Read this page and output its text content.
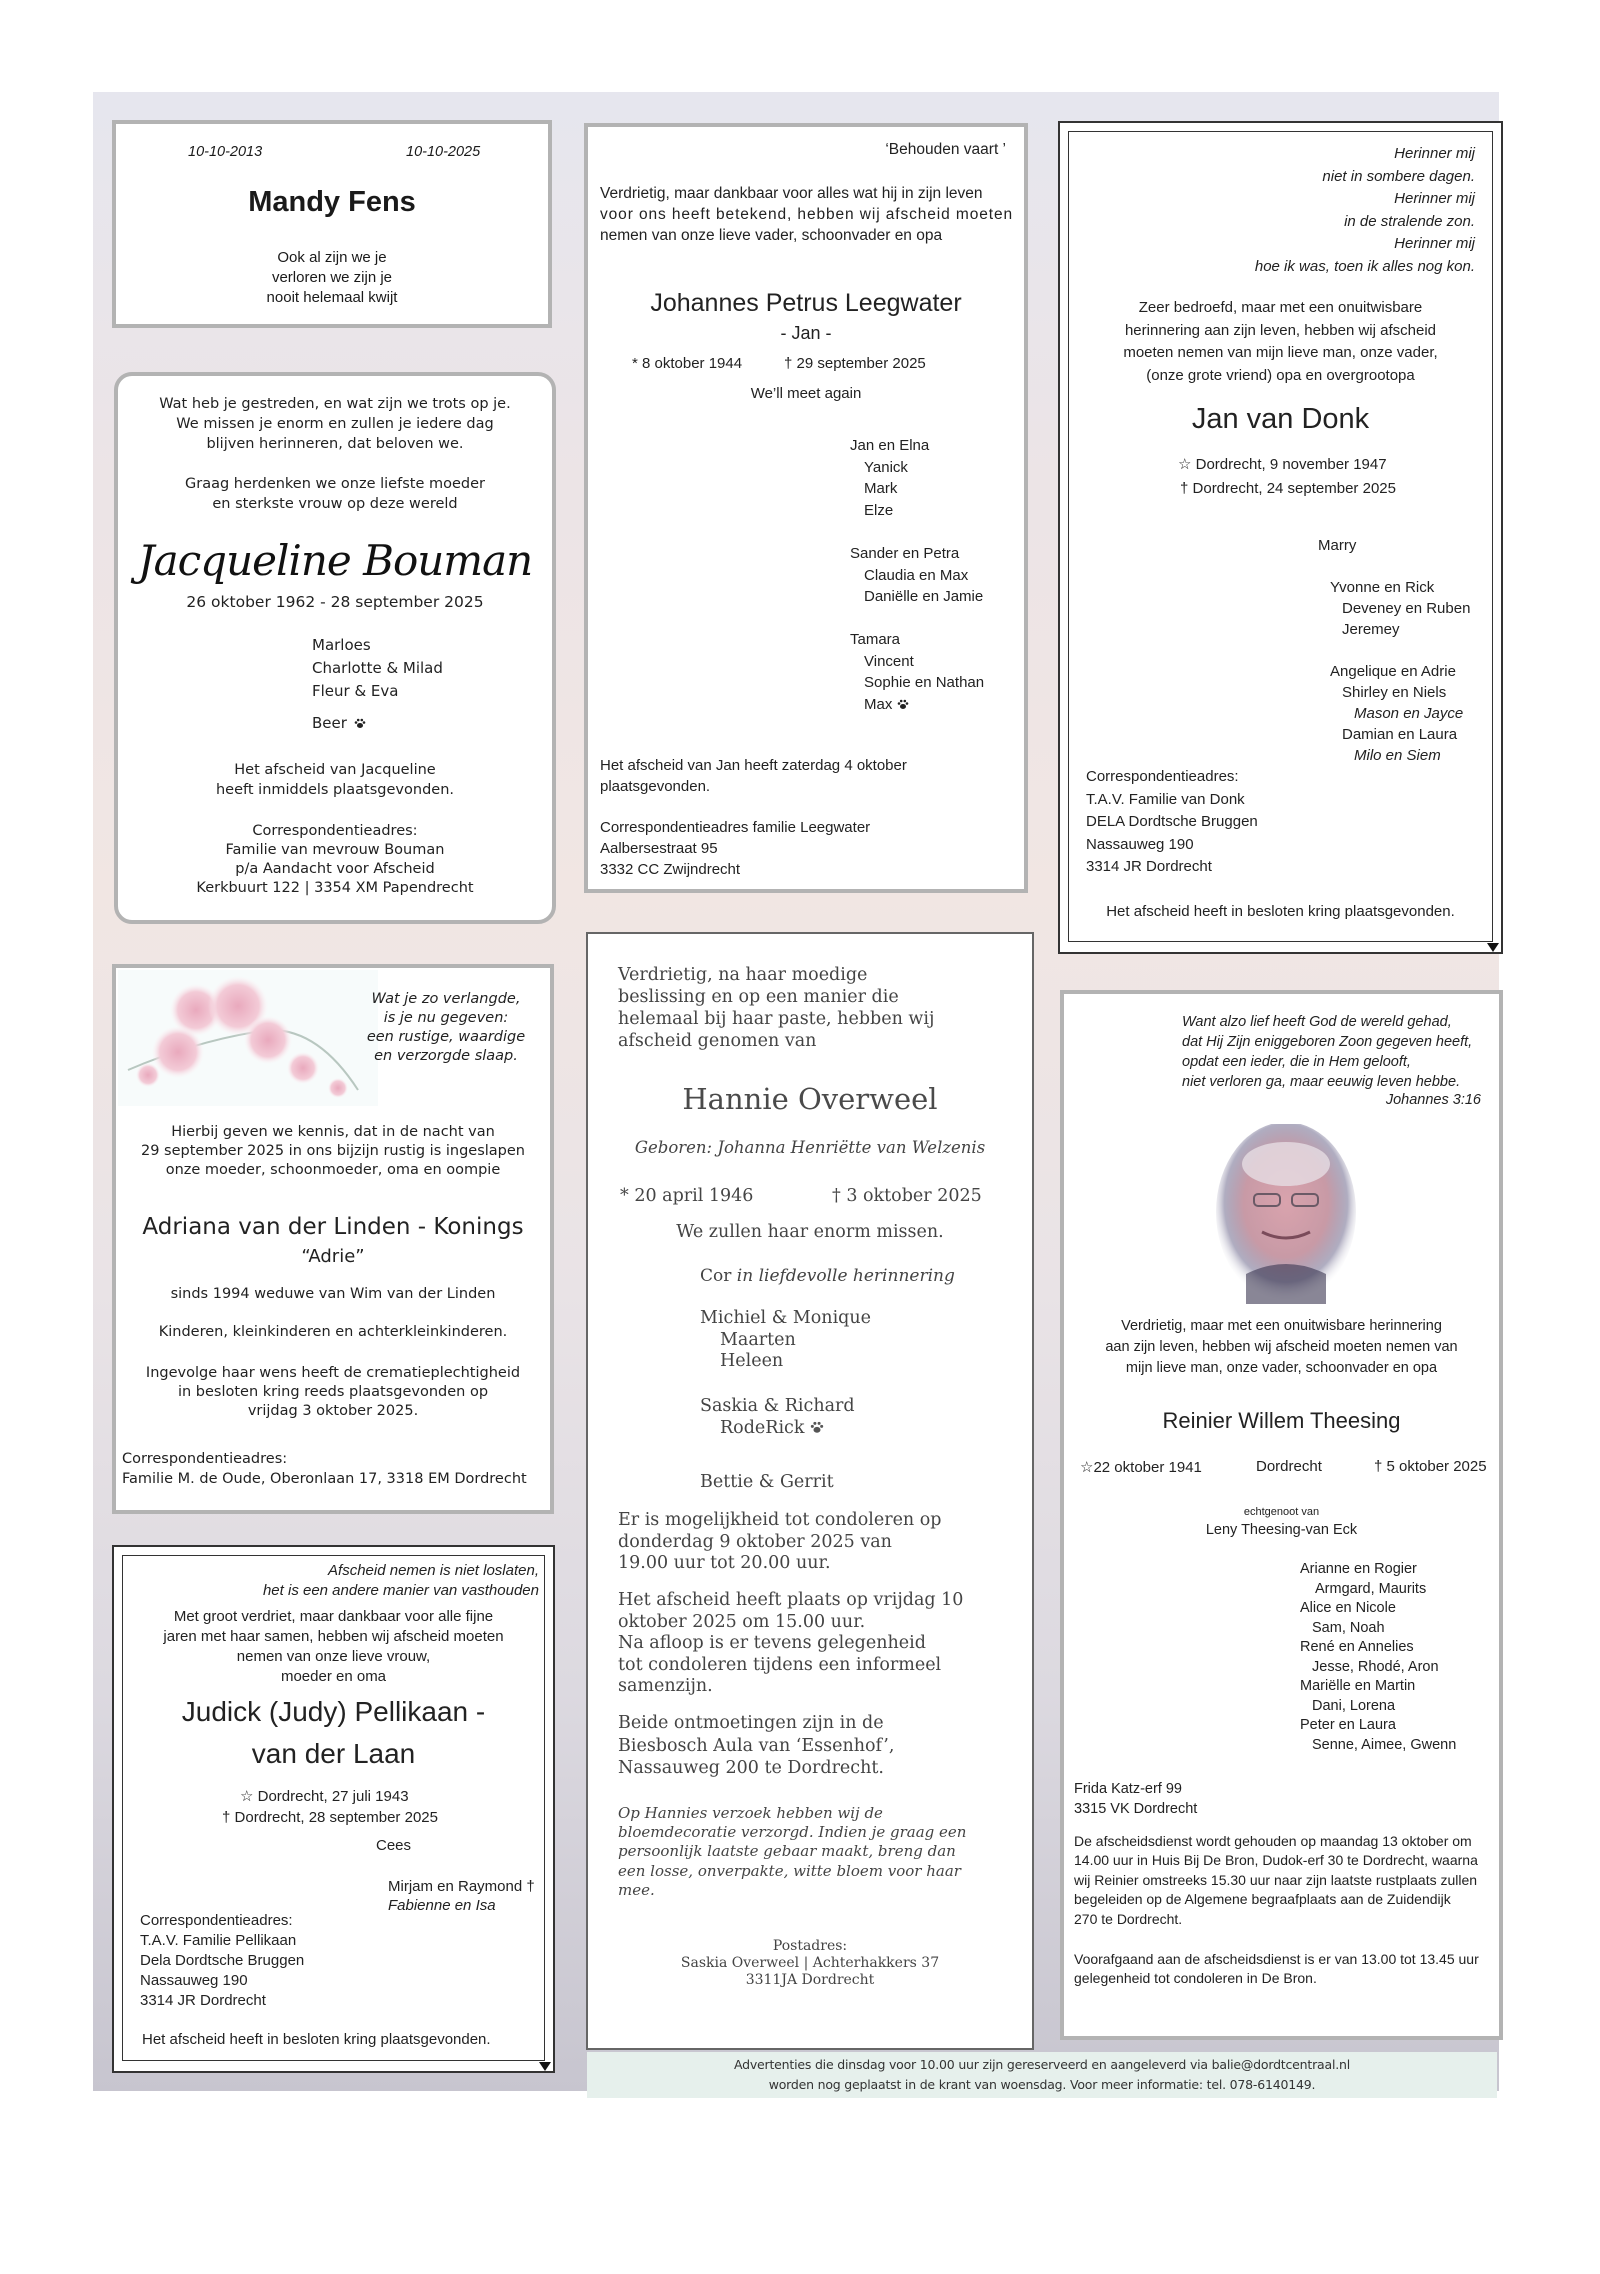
10-10-2013	10-10-2025
Mandy Fens
Ook al zijn we je
verloren we zijn je
nooit helemaal kwijt
Wat heb je gestreden, en wat zijn we trots op je.
We missen je enorm en zullen je iedere dag
blijven herinneren, dat beloven we.
Graag herdenken we onze liefste moeder
en sterkste vrouw op deze wereld
Jacqueline Bouman
26 oktober 1962 - 28 september 2025
Marloes
Charlotte & Milad
Fleur & Eva
Beer
Het afscheid van Jacqueline
heeft inmiddels plaatsgevonden.
Correspondentieadres:
Familie van mevrouw Bouman
p/a Aandacht voor Afscheid
Kerkbuurt 122 | 3354 XM Papendrecht
‘Behouden vaart ’
Verdrietig, maar dankbaar voor alles wat hij in zijn leven
voor ons heeft betekend, hebben wij afscheid moeten
nemen van onze lieve vader, schoonvader en opa
Johannes Petrus Leegwater
- Jan -
* 8 oktober 1944	† 29 september 2025
We’ll meet again
Jan en Elna
Yanick
Mark
Elze
Sander en Petra
Claudia en Max
Daniëlle en Jamie
Tamara
Vincent
Sophie en Nathan
Max
Het afscheid van Jan heeft zaterdag 4 oktober
plaatsgevonden.
Correspondentieadres familie Leegwater
Aalbersestraat 95
3332 CC Zwijndrecht
Herinner mij
niet in sombere dagen.
Herinner mij
in de stralende zon.
Herinner mij
hoe ik was, toen ik alles nog kon.
Zeer bedroefd, maar met een onuitwisbare
herinnering aan zijn leven, hebben wij afscheid
moeten nemen van mijn lieve man, onze vader,
(onze grote vriend) opa en overgrootopa
Jan van Donk
☆ Dordrecht, 9 november 1947
† Dordrecht, 24 september 2025
Marry
Yvonne en Rick
Deveney en Ruben
Jeremey
Angelique en Adrie
Shirley en Niels
Mason en Jayce
Damian en Laura
Milo en Siem
Correspondentieadres:
T.A.V. Familie van Donk
DELA Dordtsche Bruggen
Nassauweg 190
3314 JR Dordrecht
Het afscheid heeft in besloten kring plaatsgevonden.
Wat je zo verlangde,
is je nu gegeven:
een rustige, waardige
en verzorgde slaap.
Hierbij geven we kennis, dat in de nacht van
29 september 2025 in ons bijzijn rustig is ingeslapen
onze moeder, schoonmoeder, oma en oompie
Adriana van der Linden - Konings
“Adrie”
sinds 1994 weduwe van Wim van der Linden
Kinderen, kleinkinderen en achterkleinkinderen.
Ingevolge haar wens heeft de crematieplechtigheid
in besloten kring reeds plaatsgevonden op
vrijdag 3 oktober 2025.
Correspondentieadres:
Familie M. de Oude, Oberonlaan 17, 3318 EM Dordrecht
Afscheid nemen is niet loslaten,
het is een andere manier van vasthouden
Met groot verdriet, maar dankbaar voor alle fijne
jaren met haar samen, hebben wij afscheid moeten
nemen van onze lieve vrouw,
moeder en oma
Judick (Judy) Pellikaan -
van der Laan
☆ Dordrecht, 27 juli 1943
† Dordrecht, 28 september 2025
Cees
Mirjam en Raymond †
Fabienne en Isa
Correspondentieadres:
T.A.V. Familie Pellikaan
Dela Dordtsche Bruggen
Nassauweg 190
3314 JR Dordrecht
Het afscheid heeft in besloten kring plaatsgevonden.
Verdrietig, na haar moedige
beslissing en op een manier die
helemaal bij haar paste, hebben wij
afscheid genomen van
Hannie Overweel
Geboren: Johanna Henriëtte van Welzenis
* 20 april 1946	† 3 oktober 2025
We zullen haar enorm missen.
Cor in liefdevolle herinnering
Michiel & Monique
Maarten
Heleen
Saskia & Richard
RodeRick
Bettie & Gerrit
Er is mogelijkheid tot condoleren op
donderdag 9 oktober 2025 van
19.00 uur tot 20.00 uur.
Het afscheid heeft plaats op vrijdag 10
oktober 2025 om 15.00 uur.
Na afloop is er tevens gelegenheid
tot condoleren tijdens een informeel
samenzijn.
Beide ontmoetingen zijn in de
Biesbosch Aula van ‘Essenhof’,
Nassauweg 200 te Dordrecht.
Op Hannies verzoek hebben wij de
bloemdecoratie verzorgd. Indien je graag een
persoonlijk laatste gebaar maakt, breng dan
een losse, onverpakte, witte bloem voor haar
mee.
Postadres:
Saskia Overweel | Achterhakkers 37
3311JA Dordrecht
Want alzo lief heeft God de wereld gehad,
dat Hij Zijn eniggeboren Zoon gegeven heeft,
opdat een ieder, die in Hem gelooft,
niet verloren ga, maar eeuwig leven hebbe.
Johannes 3:16
Verdrietig, maar met een onuitwisbare herinnering
aan zijn leven, hebben wij afscheid moeten nemen van
mijn lieve man, onze vader, schoonvader en opa
Reinier Willem Theesing
☆22 oktober 1941	Dordrecht	† 5 oktober 2025
echtgenoot van
Leny Theesing-van Eck
Arianne en Rogier
Armgard, Maurits
Alice en Nicole
Sam, Noah
René en Annelies
Jesse, Rhodé, Aron
Mariëlle en Martin
Dani, Lorena
Peter en Laura
Senne, Aimee, Gwenn
Frida Katz-erf 99
3315 VK Dordrecht
De afscheidsdienst wordt gehouden op maandag 13 oktober om
14.00 uur in Huis Bij De Bron, Dudok-erf 30 te Dordrecht, waarna
wij Reinier omstreeks 15.30 uur naar zijn laatste rustplaats zullen
begeleiden op de Algemene begraafplaats aan de Zuidendijk
270 te Dordrecht.
Voorafgaand aan de afscheidsdienst is er van 13.00 tot 13.45 uur
gelegenheid tot condoleren in De Bron.
Advertenties die dinsdag voor 10.00 uur zijn gereserveerd en aangeleverd via balie@dordtcentraal.nl
worden nog geplaatst in de krant van woensdag. Voor meer informatie: tel. 078-6140149.
